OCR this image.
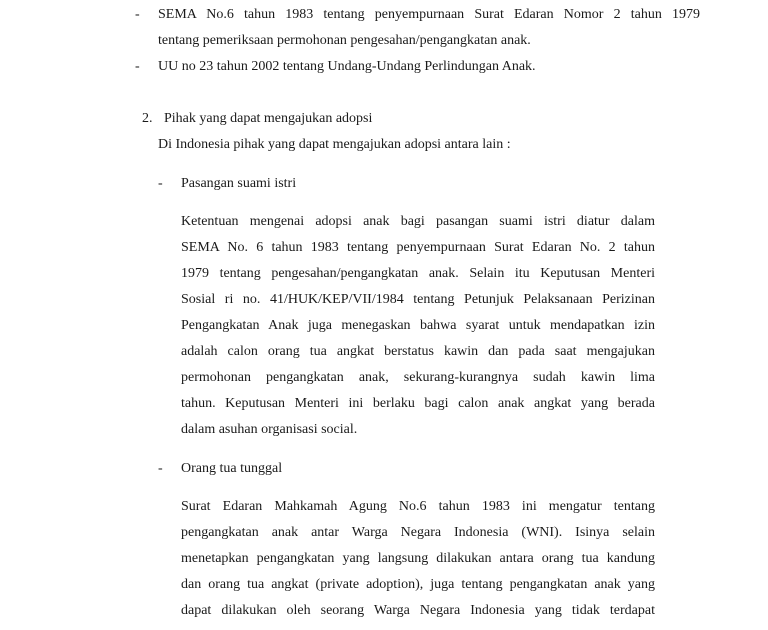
-	SEMA No.6 tahun 1983 tentang penyempurnaan Surat Edaran Nomor 2 tahun 1979
tentang pemeriksaan permohonan pengesahan/pengangkatan anak.
-	UU no 23 tahun 2002 tentang Undang-Undang Perlindungan Anak.
2. Pihak yang dapat mengajukan adopsi
Di Indonesia pihak yang dapat mengajukan adopsi antara lain :
-	Pasangan suami istri
Ketentuan mengenai adopsi anak bagi pasangan suami istri diatur dalam
SEMA No. 6 tahun 1983 tentang penyempurnaan Surat Edaran No. 2 tahun
1979 tentang pengesahan/pengangkatan anak. Selain itu Keputusan Menteri
Sosial ri no. 41/HUK/KEP/VII/1984 tentang Petunjuk Pelaksanaan Perizinan
Pengangkatan Anak juga menegaskan bahwa syarat untuk mendapatkan izin
adalah calon orang tua angkat berstatus kawin dan pada saat mengajukan
permohonan pengangkatan anak, sekurang-kurangnya sudah kawin lima
tahun. Keputusan Menteri ini berlaku bagi calon anak angkat yang berada
dalam asuhan organisasi social.
-	Orang tua tunggal
Surat Edaran Mahkamah Agung No.6 tahun 1983 ini mengatur tentang
pengangkatan anak antar Warga Negara Indonesia (WNI). Isinya selain
menetapkan pengangkatan yang langsung dilakukan antara orang tua kandung
dan orang tua angkat (private adoption), juga tentang pengangkatan anak yang
dapat dilakukan oleh seorang Warga Negara Indonesia yang tidak terdapat
